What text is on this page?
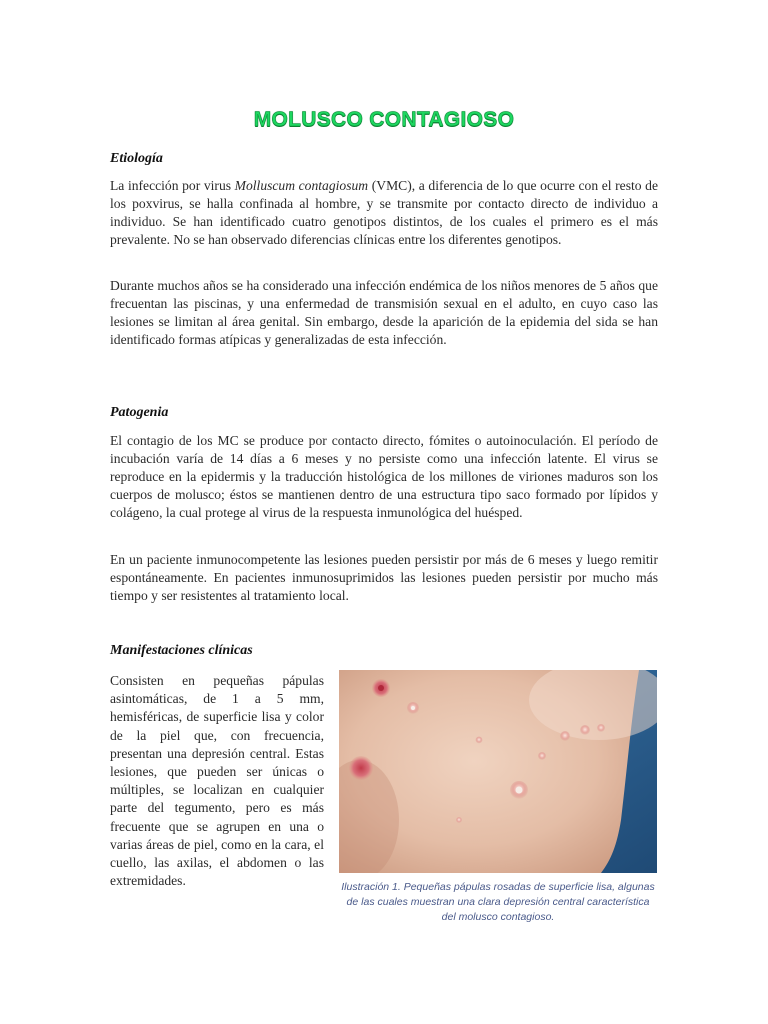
MOLUSCO CONTAGIOSO
Etiología
La infección por virus Molluscum contagiosum (VMC), a diferencia de lo que ocurre con el resto de los poxvirus, se halla confinada al hombre, y se transmite por contacto directo de individuo a individuo. Se han identificado cuatro genotipos distintos, de los cuales el primero es el más prevalente. No se han observado diferencias clínicas entre los diferentes genotipos.
Durante muchos años se ha considerado una infección endémica de los niños menores de 5 años que frecuentan las piscinas, y una enfermedad de transmisión sexual en el adulto, en cuyo caso las lesiones se limitan al área genital. Sin embargo, desde la aparición de la epidemia del sida se han identificado formas atípicas y generalizadas de esta infección.
Patogenia
El contagio de los MC se produce por contacto directo, fómites o autoinoculación. El período de incubación varía de 14 días a 6 meses y no persiste como una infección latente. El virus se reproduce en la epidermis y la traducción histológica de los millones de viriones maduros son los cuerpos de molusco; éstos se mantienen dentro de una estructura tipo saco formado por lípidos y colágeno, la cual protege al virus de la respuesta inmunológica del huésped.
En un paciente inmunocompetente las lesiones pueden persistir por más de 6 meses y luego remitir espontáneamente. En pacientes inmunosuprimidos las lesiones pueden persistir por mucho más tiempo y ser resistentes al tratamiento local.
Manifestaciones clínicas
Consisten en pequeñas pápulas asintomáticas, de 1 a 5 mm, hemisféricas, de superficie lisa y color de la piel que, con frecuencia, presentan una depresión central. Estas lesiones, que pueden ser únicas o múltiples, se localizan en cualquier parte del tegumento, pero es más frecuente que se agrupen en una o varias áreas de piel, como en la cara, el cuello, las axilas, el abdomen o las extremidades.	Ilustración 1. Pequeñas pápulas rosadas de superficie lisa, algunas de las cuales muestran una clara depresión central característica del molusco contagioso.
